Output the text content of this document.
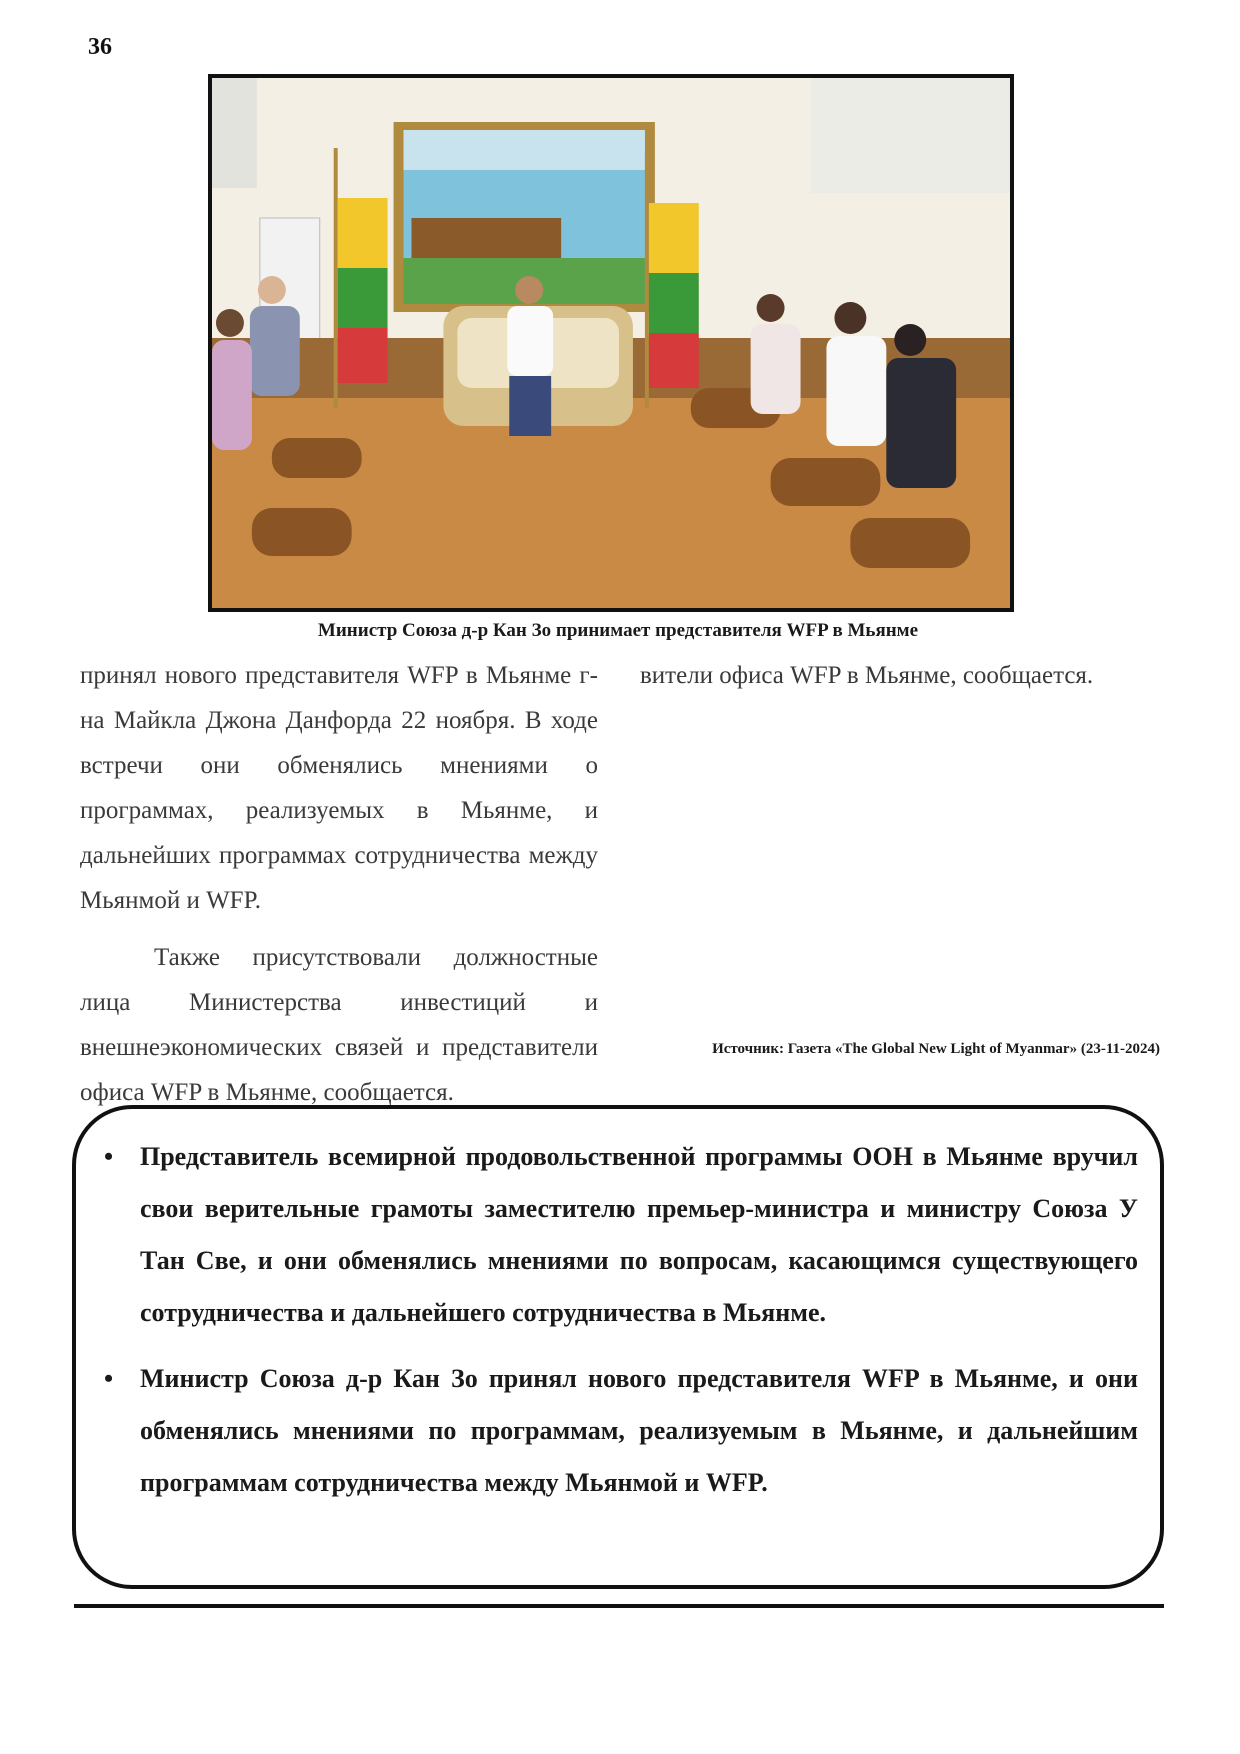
36
Министр Союза д-р Кан Зо принимает представителя WFP в Мьянме

принял нового представителя WFP в Мьянме г-на Майкла Джона Данфорда 22 ноября. В ходе встречи они обменялись мнениями о программах, реализуемых в Мьянме, и дальнейших программах сотрудничества между Мьянмой и WFP.

Также присутствовали должностные лица Министерства инвестиций и внешнеэкономических связей и представители офиса WFP в Мьянме, сообщается.

вители офиса WFP в Мьянме, сообщается.

Источник: Газета «The Global New Light of Myanmar» (23-11-2024)
• Представитель всемирной продовольственной программы ООН в Мьянме вручил свои верительные грамоты заместителю премьер-министра и министру Союза У Тан Све, и они обменялись мнениями по вопросам, касающимся существующего сотрудничества и дальнейшего сотрудничества в Мьянме.
• Министр Союза д-р Кан Зо принял нового представителя WFP в Мьянме, и они обменялись мнениями по программам, реализуемым в Мьянме, и дальнейшим программам сотрудничества между Мьянмой и WFP.
